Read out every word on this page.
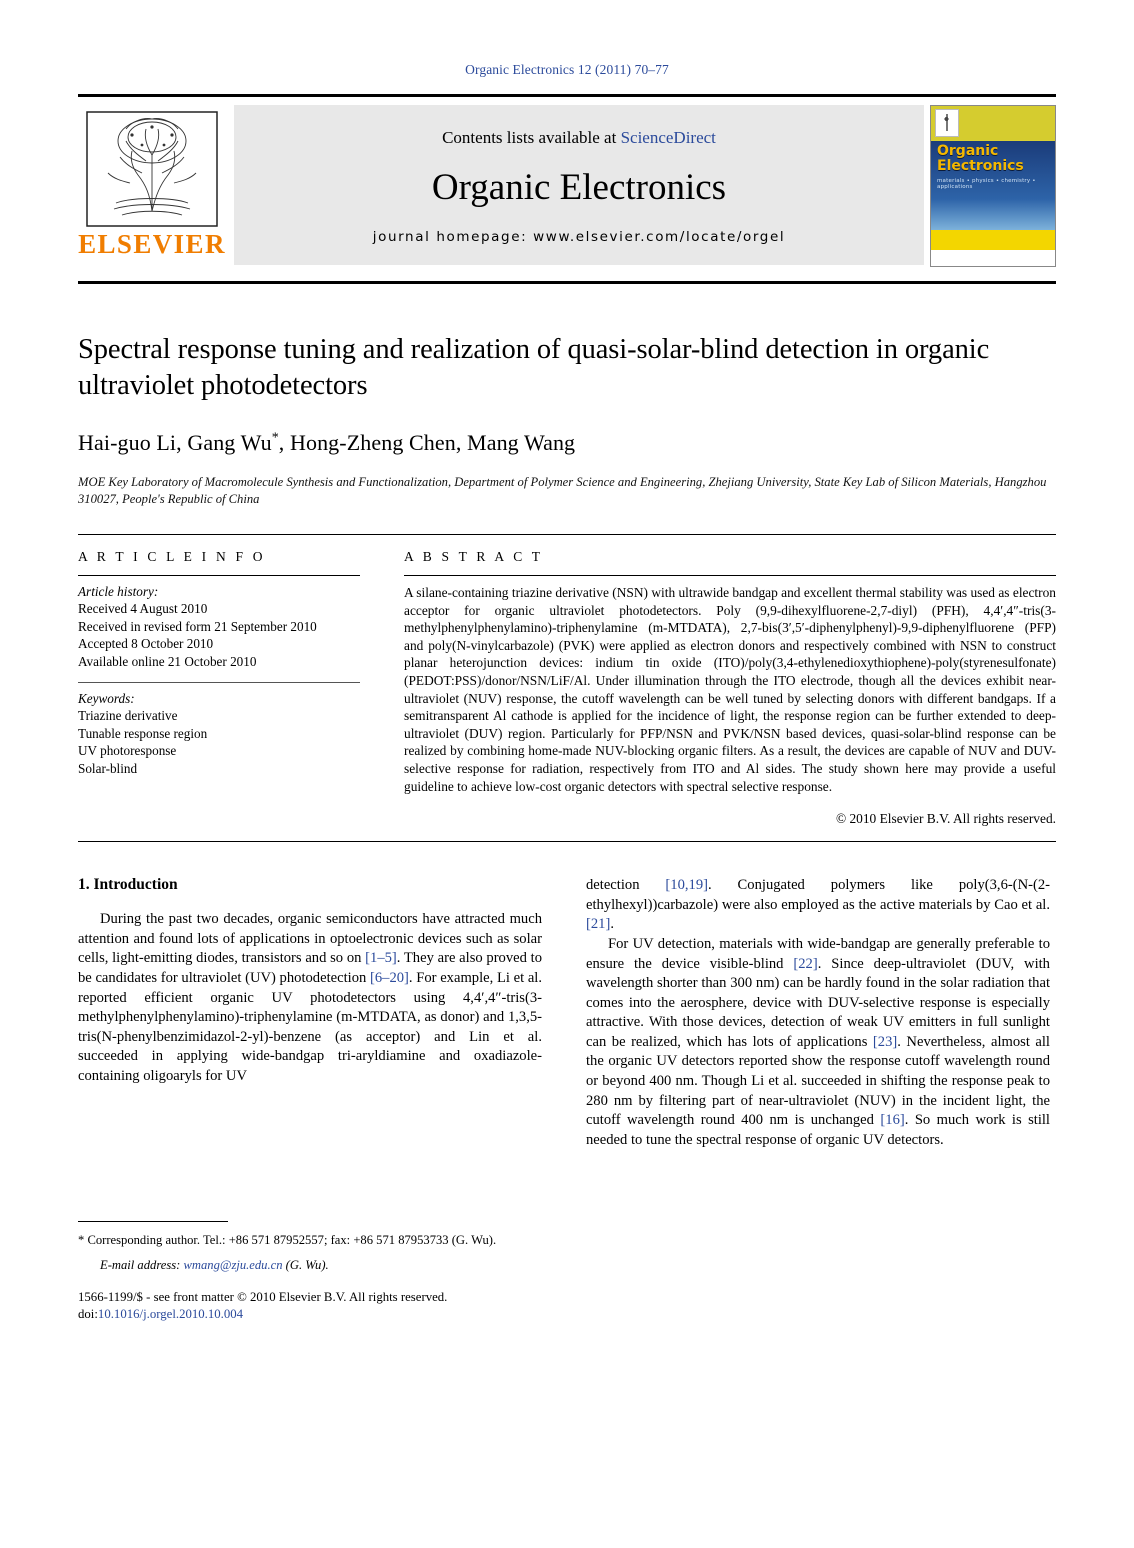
Organic Electronics 12 (2011) 70–77
ELSEVIER
Contents lists available at ScienceDirect
Organic Electronics
journal homepage: www.elsevier.com/locate/orgel
Organic Electronics
materials • physics • chemistry • applications
Spectral response tuning and realization of quasi-solar-blind detection in organic ultraviolet photodetectors
Hai-guo Li, Gang Wu*, Hong-Zheng Chen, Mang Wang
MOE Key Laboratory of Macromolecule Synthesis and Functionalization, Department of Polymer Science and Engineering, Zhejiang University, State Key Lab of Silicon Materials, Hangzhou 310027, People's Republic of China
A R T I C L E I N F O
Article history:
Received 4 August 2010
Received in revised form 21 September 2010
Accepted 8 October 2010
Available online 21 October 2010
Keywords:
Triazine derivative
Tunable response region
UV photoresponse
Solar-blind
A B S T R A C T
A silane-containing triazine derivative (NSN) with ultrawide bandgap and excellent thermal stability was used as electron acceptor for organic ultraviolet photodetectors. Poly (9,9-dihexylfluorene-2,7-diyl) (PFH), 4,4′,4″-tris(3-methylphenylphenylamino)-triphenylamine (m-MTDATA), 2,7-bis(3′,5′-diphenylphenyl)-9,9-diphenylfluorene (PFP) and poly(N-vinylcarbazole) (PVK) were applied as electron donors and respectively combined with NSN to construct planar heterojunction devices: indium tin oxide (ITO)/poly(3,4-ethylenedioxythiophene)-poly(styrenesulfonate) (PEDOT:PSS)/donor/NSN/LiF/Al. Under illumination through the ITO electrode, though all the devices exhibit near-ultraviolet (NUV) response, the cutoff wavelength can be well tuned by selecting donors with different bandgaps. If a semitransparent Al cathode is applied for the incidence of light, the response region can be further extended to deep-ultraviolet (DUV) region. Particularly for PFP/NSN and PVK/NSN based devices, quasi-solar-blind response can be realized by combining home-made NUV-blocking organic filters. As a result, the devices are capable of NUV and DUV-selective response for radiation, respectively from ITO and Al sides. The study shown here may provide a useful guideline to achieve low-cost organic detectors with spectral selective response.
© 2010 Elsevier B.V. All rights reserved.
1. Introduction

During the past two decades, organic semiconductors have attracted much attention and found lots of applications in optoelectronic devices such as solar cells, light-emitting diodes, transistors and so on [1–5]. They are also proved to be candidates for ultraviolet (UV) photodetection [6–20]. For example, Li et al. reported efficient organic UV photodetectors using 4,4′,4″-tris(3-methylphenylphenylamino)-triphenylamine (m-MTDATA, as donor) and 1,3,5-tris(N-phenylbenzimidazol-2-yl)-benzene (as acceptor) and Lin et al. succeeded in applying wide-bandgap tri-aryldiamine and oxadiazole-containing oligoaryls for UV

* Corresponding author. Tel.: +86 571 87952557; fax: +86 571 87953733 (G. Wu).
E-mail address: wmang@zju.edu.cn (G. Wu).
1566-1199/$ - see front matter © 2010 Elsevier B.V. All rights reserved.
doi:10.1016/j.orgel.2010.10.004

detection [10,19]. Conjugated polymers like poly(3,6-(N-(2-ethylhexyl))carbazole) were also employed as the active materials by Cao et al. [21].

For UV detection, materials with wide-bandgap are generally preferable to ensure the device visible-blind [22]. Since deep-ultraviolet (DUV, with wavelength shorter than 300 nm) can be hardly found in the solar radiation that comes into the aerosphere, device with DUV-selective response is especially attractive. With those devices, detection of weak UV emitters in full sunlight can be realized, which has lots of applications [23]. Nevertheless, almost all the organic UV detectors reported show the response cutoff wavelength round or beyond 400 nm. Though Li et al. succeeded in shifting the response peak to 280 nm by filtering part of near-ultraviolet (NUV) in the incident light, the cutoff wavelength round 400 nm is unchanged [16]. So much work is still needed to tune the spectral response of organic UV detectors.
